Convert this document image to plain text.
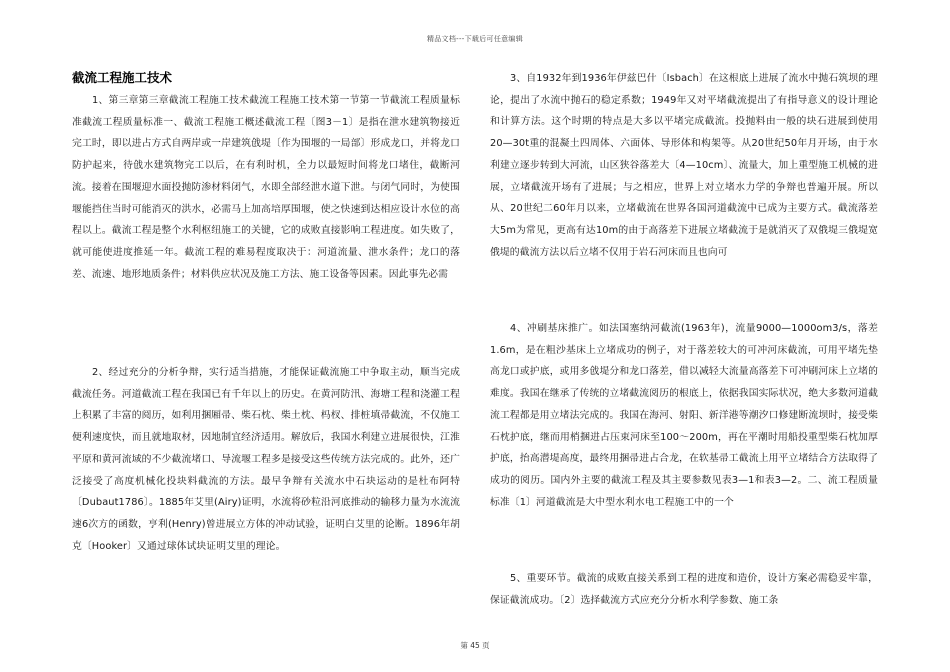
精品文档---下载后可任意编辑
截流工程施工技术

1、第三章第三章截流工程施工技术截流工程施工技术第一节第一节截流工程质量标准截流工程质量标准一、截流工程施工概述截流工程〔图3－1〕是指在泄水建筑物接近完工时，即以进占方式自两岸或一岸建筑戗堤〔作为围堰的一局部〕形成龙口，并将龙口防护起来，待戗水建筑物完工以后，在有利时机，全力以最短时间将龙口堵住，截断河流。接着在围堰迎水面投抛防渗材料闭气，水即全部经泄水道下泄。与闭气同时，为使围堰能挡住当时可能消灭的洪水，必需马上加高培厚围堰，使之快速到达相应设计水位的高程以上。截流工程是整个水利枢纽施工的关键，它的成败直接影响工程进度。如失败了，就可能使进度推延一年。截流工程的难易程度取决于：河道流量、泄水条件；龙口的落差、流速、地形地质条件；材料供应状况及施工方法、施工设备等因素。因此事先必需

2、经过充分的分析争辩，实行适当措施，才能保证截流施工中争取主动，顺当完成截流任务。河道截流工程在我国已有千年以上的历史。在黄河防汛、海塘工程和浇灌工程上积累了丰富的阅历，如利用捆厢帚、柴石枕、柴土枕、杩杈、排桩填帚截流，不仅施工便利速度快，而且就地取材，因地制宜经济适用。解放后，我国水利建立进展很快，江淮平原和黄河流域的不少截流堵口、导流堰工程多是接受这些传统方法完成的。此外，还广泛接受了高度机械化投块料截流的方法。最早争辩有关流水中石块运动的是杜布阿特〔Dubaut1786〕。1885年艾里(Airy)证明，水流将砂粒沿河底推动的输移力量为水流流速6次方的函数，亨利(Henry)曾进展立方体的冲动试验，证明白艾里的论断。1896年胡克〔Hooker〕又通过球体试块证明艾里的理论。

3、自1932年到1936年伊兹巴什〔Isbach〕在这根底上进展了流水中抛石筑坝的理论，提出了水流中抛石的稳定系数；1949年又对平堵截流提出了有指导意义的设计理论和计算方法。这个时期的特点是大多以平堵完成截流。投抛料由一般的块石进展到使用20—30t重的混凝土四周体、六面体、导形体和构架等。从20世纪50年月开场，由于水利建立逐步转到大河流，山区狭谷落差大〔4—10cm〕、流量大，加上重型施工机械的进展，立堵截流开场有了进展；与之相应，世界上对立堵水力学的争辩也普遍开展。所以从、20世纪二60年月以来，立堵截流在世界各国河道截流中已成为主要方式。截流落差大5m为常见，更高有达10m的由于高落差下进展立堵截流于是就消灭了双俄堤三俄堤宽俄堤的截流方法以后立堵不仅用于岩石河床而且也向可

4、冲刷基床推广。如法国塞纳河截流(1963年)，流量9000—1000om3/s，落差1.6m，是在粗沙基床上立堵成功的例子，对于落差较大的可冲河床截流，可用平堵先垫高龙口或护底，或用多戗堤分和龙口落差，借以减轻大流量高落差下可冲刷河床上立堵的难度。我国在继承了传统的立堵截流阅历的根底上，依据我国实际状况，绝大多数河道截流工程都是用立堵法完成的。我国在海河、射阳、新洋港等潮汐口修建断流坝时，接受柴石枕护底，继而用梢捆进占压束河床至100～200m，再在平潮时用船投重型柴石枕加厚护底，抬高潜堤高度，最终用捆帚进占合龙，在软基帚工截流上用平立堵结合方法取得了成功的阅历。国内外主要的截流工程及其主要参数见表3—1和表3—2。二、流工程质量标准〔1〕河道截流是大中型水利水电工程施工中的一个

5、重要环节。截流的成败直接关系到工程的进度和造价，设计方案必需稳妥牢靠，保证截流成功。〔2〕选择截流方式应充分分析水利学参数、施工条

第 45 页
